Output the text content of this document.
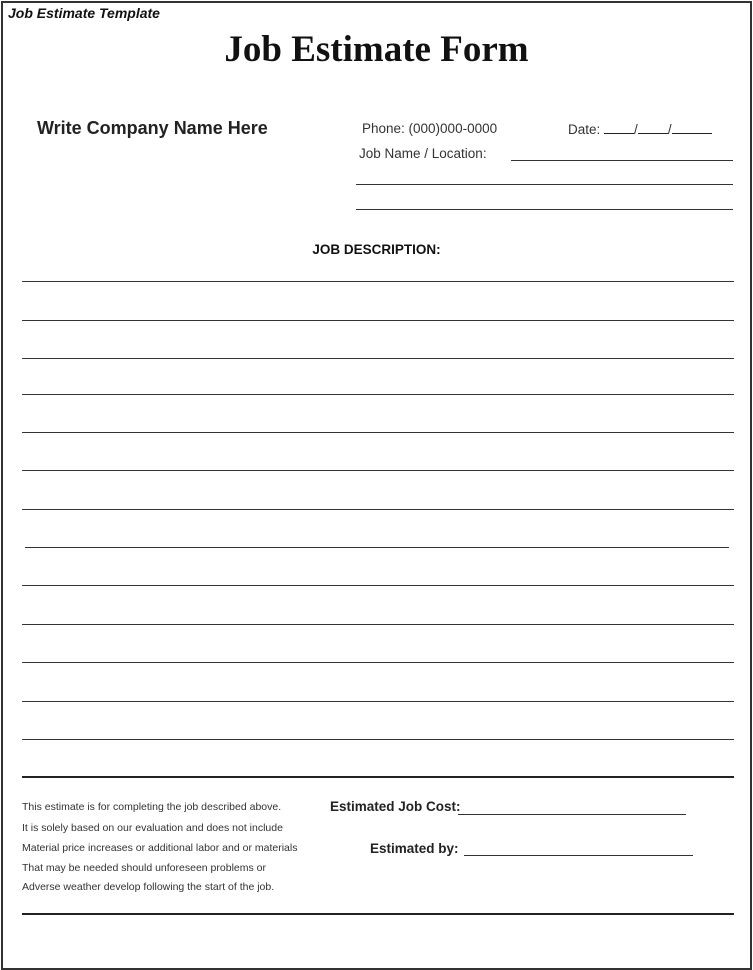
Job Estimate Template
Job Estimate Form
Write Company Name Here	Phone: (000)000-0000	Date:	/ /
Job Name / Location:
JOB DESCRIPTION:
This estimate is for completing the job described above.
It is solely based on our evaluation and does not include
Material price increases or additional labor and or materials
That may be needed should unforeseen problems or
Adverse weather develop following the start of the job.
Estimated Job Cost:
Estimated by:
